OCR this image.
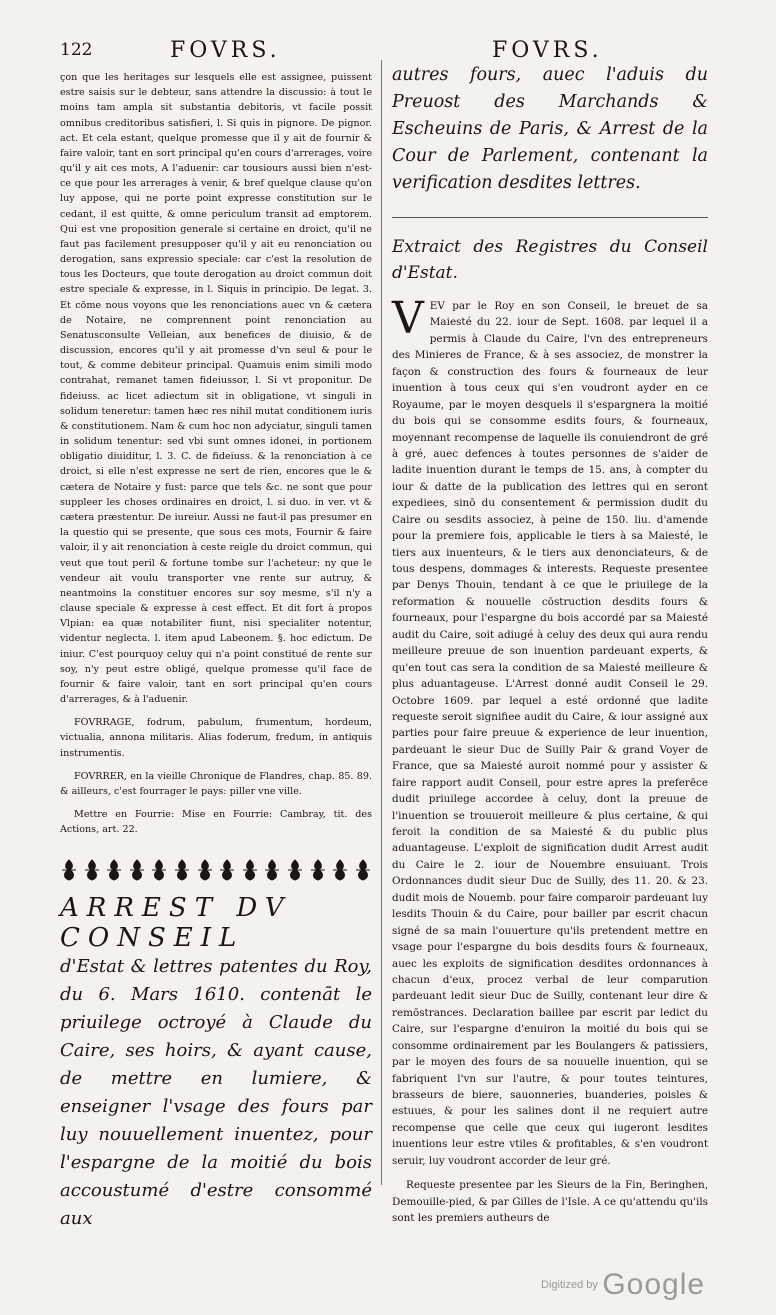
122	FOVRS.	FOVRS.

çon que les heritages sur lesquels elle est assignee, puissent estre saisis sur le debteur, sans attendre la discussio: à tout le moins tam ampla sit substantia debitoris, vt facile possit omnibus creditoribus satisfieri, l. Si quis in pignore. De pignor. act. Et cela estant, quelque promesse que il y ait de fournir & faire valoir, tant en sort principal qu'en cours d'arrerages, voire qu'il y ait ces mots, A l'aduenir: car tousiours aussi bien n'est-ce que pour les arrerages à venir, & bref quelque clause qu'on luy appose, qui ne porte point expresse constitution sur le cedant, il est quitte, & omne periculum transit ad emptorem. Qui est vne proposition generale si certaine en droict, qu'il ne faut pas facilement presupposer qu'il y ait eu renonciation ou derogation, sans expressio speciale: car c'est la resolution de tous les Docteurs, que toute derogation au droict commun doit estre speciale & expresse, in l. Siquis in principio. De legat. 3. Et cōme nous voyons que les renonciations auec vn & cætera de Notaire, ne comprennent point renonciation au Senatusconsulte Velleian, aux benefices de diuisio, & de discussion, encores qu'il y ait promesse d'vn seul & pour le tout, & comme debiteur principal. Quamuis enim simili modo contrahat, remanet tamen fideiussor, l. Si vt proponitur. De fideiuss. ac licet adiectum sit in obligatione, vt singuli in solidum teneretur: tamen hæc res nihil mutat conditionem iuris & constitutionem. Nam & cum hoc non adyciatur, singuli tamen in solidum tenentur: sed vbi sunt omnes idonei, in portionem obligatio diuiditur, l. 3. C. de fideiuss. & la renonciation à ce droict, si elle n'est expresse ne sert de rien, encores que le & cætera de Notaire y fust: parce que tels &c. ne sont que pour suppleer les choses ordinaires en droict, l. si duo. in ver. vt & cætera præstentur. De iureiur. Aussi ne faut-il pas presumer en la questio qui se presente, que sous ces mots, Fournir & faire valoir, il y ait renonciation à ceste reigle du droict commun, qui veut que tout peril & fortune tombe sur l'acheteur: ny que le vendeur ait voulu transporter vne rente sur autruy, & neantmoins la constituer encores sur soy mesme, s'il n'y a clause speciale & expresse à cest effect. Et dit fort à propos Vlpian: ea quæ notabiliter fiunt, nisi specialiter notentur, videntur neglecta. l. item apud Labeonem. §. hoc edictum. De iniur. C'est pourquoy celuy qui n'a point constitué de rente sur soy, n'y peut estre obligé, quelque promesse qu'il face de fournir & faire valoir, tant en sort principal qu'en cours d'arrerages, & à l'aduenir.

FOVRRAGE, fodrum, pabulum, frumentum, hordeum, victualia, annona militaris. Alias foderum, fredum, in antiquis instrumentis.

FOVRRER, en la vieille Chronique de Flandres, chap. 85. 89. & ailleurs, c'est fourrager le pays: piller vne ville.

Mettre en Fourrie: Mise en Fourrie: Cambray, tit. des Actions, art. 22.

ARREST DV CONSEIL

d'Estat & lettres patentes du Roy, du 6. Mars 1610. contenāt le priuilege octroyé à Claude du Caire, ses hoirs, & ayant cause, de mettre en lumiere, & enseigner l'vsage des fours par luy nouuellement inuentez, pour l'espargne de la moitié du bois accoustumé d'estre consommé aux

autres fours, auec l'aduis du Preuost des Marchands & Escheuins de Paris, & Arrest de la Cour de Parlement, contenant la verification desdites lettres.

Extraict des Registres du Conseil d'Estat.

V EV par le Roy en son Conseil, le breuet de sa Maiesté du 22. iour de Sept. 1608. par lequel il a permis à Claude du Caire, l'vn des entrepreneurs des Minieres de France, & à ses associez, de monstrer la façon & construction des fours & fourneaux de leur inuention à tous ceux qui s'en voudront ayder en ce Royaume, par le moyen desquels il s'espargnera la moitié du bois qui se consomme esdits fours, & fourneaux, moyennant recompense de laquelle ils conuiendront de gré à gré, auec defences à toutes personnes de s'aider de ladite inuention durant le temps de 15. ans, à compter du iour & datte de la publication des lettres qui en seront expediees, sinō du consentement & permission dudit du Caire ou sesdits associez, à peine de 150. liu. d'amende pour la premiere fois, applicable le tiers à sa Maiesté, le tiers aux inuenteurs, & le tiers aux denonciateurs, & de tous despens, dommages & interests. Requeste presentee par Denys Thouin, tendant à ce que le priuilege de la reformation & nouuelle cōstruction desdits fours & fourneaux, pour l'espargne du bois accordé par sa Maiesté audit du Caire, soit adiugé à celuy des deux qui aura rendu meilleure preuue de son inuention pardeuant experts, & qu'en tout cas sera la condition de sa Maiesté meilleure & plus aduantageuse. L'Arrest donné audit Conseil le 29. Octobre 1609. par lequel a esté ordonné que ladite requeste seroit signifiee audit du Caire, & iour assigné aux parties pour faire preuue & experience de leur inuention, pardeuant le sieur Duc de Suilly Pair & grand Voyer de France, que sa Maiesté auroit nommé pour y assister & faire rapport audit Conseil, pour estre apres la preferēce dudit priuilege accordee à celuy, dont la preuue de l'inuention se trouueroit meilleure & plus certaine, & qui feroit la condition de sa Maiesté & du public plus aduantageuse. L'exploit de signification dudit Arrest audit du Caire le 2. iour de Nouembre ensuiuant. Trois Ordonnances dudit sieur Duc de Suilly, des 11. 20. & 23. dudit mois de Nouemb. pour faire comparoir pardeuant luy lesdits Thouin & du Caire, pour bailler par escrit chacun signé de sa main l'ouuerture qu'ils pretendent mettre en vsage pour l'espargne du bois desdits fours & fourneaux, auec les exploits de signification desdites ordonnances à chacun d'eux, procez verbal de leur comparution pardeuant ledit sieur Duc de Suilly, contenant leur dire & remōstrances. Declaration baillee par escrit par ledict du Caire, sur l'espargne d'enuiron la moitié du bois qui se consomme ordinairement par les Boulangers & patissiers, par le moyen des fours de sa nouuelle inuention, qui se fabriquent l'vn sur l'autre, & pour toutes teintures, brasseurs de biere, sauonneries, buanderies, poisles & estuues, & pour les salines dont il ne requiert autre recompense que celle que ceux qui iugeront lesdites inuentions leur estre vtiles & profitables, & s'en voudront seruir, luy voudront accorder de leur gré.

Requeste presentee par les Sieurs de la Fin, Beringhen, Demouille-pied, & par Gilles de l'Isle. A ce qu'attendu qu'ils sont les premiers autheurs de

Digitized by Google
